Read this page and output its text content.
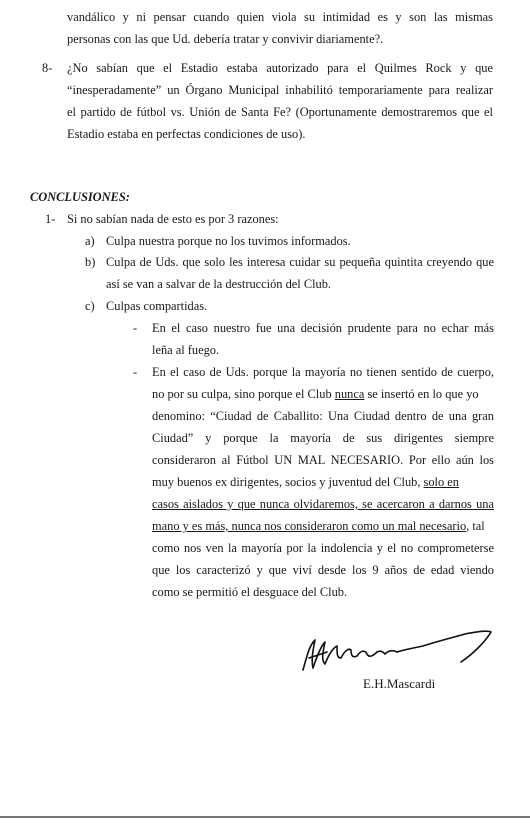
vandálico y ni pensar cuando quien viola su intimidad es y son las mismas
personas con las que Ud. debería tratar y convivir diariamente?.
8- ¿No sabían que el Estadio estaba autorizado para el Quilmes Rock y que
“inesperadamente” un Órgano Municipal inhabilitó temporariamente para realizar
el partido de fútbol vs. Unión de Santa Fe? (Oportunamente demostraremos que el
Estadio estaba en perfectas condiciones de uso).
CONCLUSIONES:
1- Si no sabían nada de esto es por 3 razones:
a) Culpa nuestra porque no los tuvimos informados.
b) Culpa de Uds. que solo les interesa cuidar su pequeña quintita creyendo que
así se van a salvar de la destrucción del Club.
c) Culpas compartidas.
- En el caso nuestro fue una decisión prudente para no echar más
leña al fuego.
- En el caso de Uds. porque la mayoría no tienen sentido de cuerpo,
no por su culpa, sino porque el Club nunca se insertó en lo que yo
denomino: “Ciudad de Caballito: Una Ciudad dentro de una gran
Ciudad” y porque la mayoría de sus dirigentes siempre
consideraron al Fútbol UN MAL NECESARIO. Por ello aún los
muy buenos ex dirigentes, socios y juventud del Club, solo en
casos aislados y que nunca olvidaremos, se acercaron a darnos una
mano y es más, nunca nos consideraron como un mal necesario, tal
como nos ven la mayoría por la indolencia y el no comprometerse
que los caracterizó y que viví desde los 9 años de edad viendo
como se permitió el desguace del Club.
E.H.Mascardi
